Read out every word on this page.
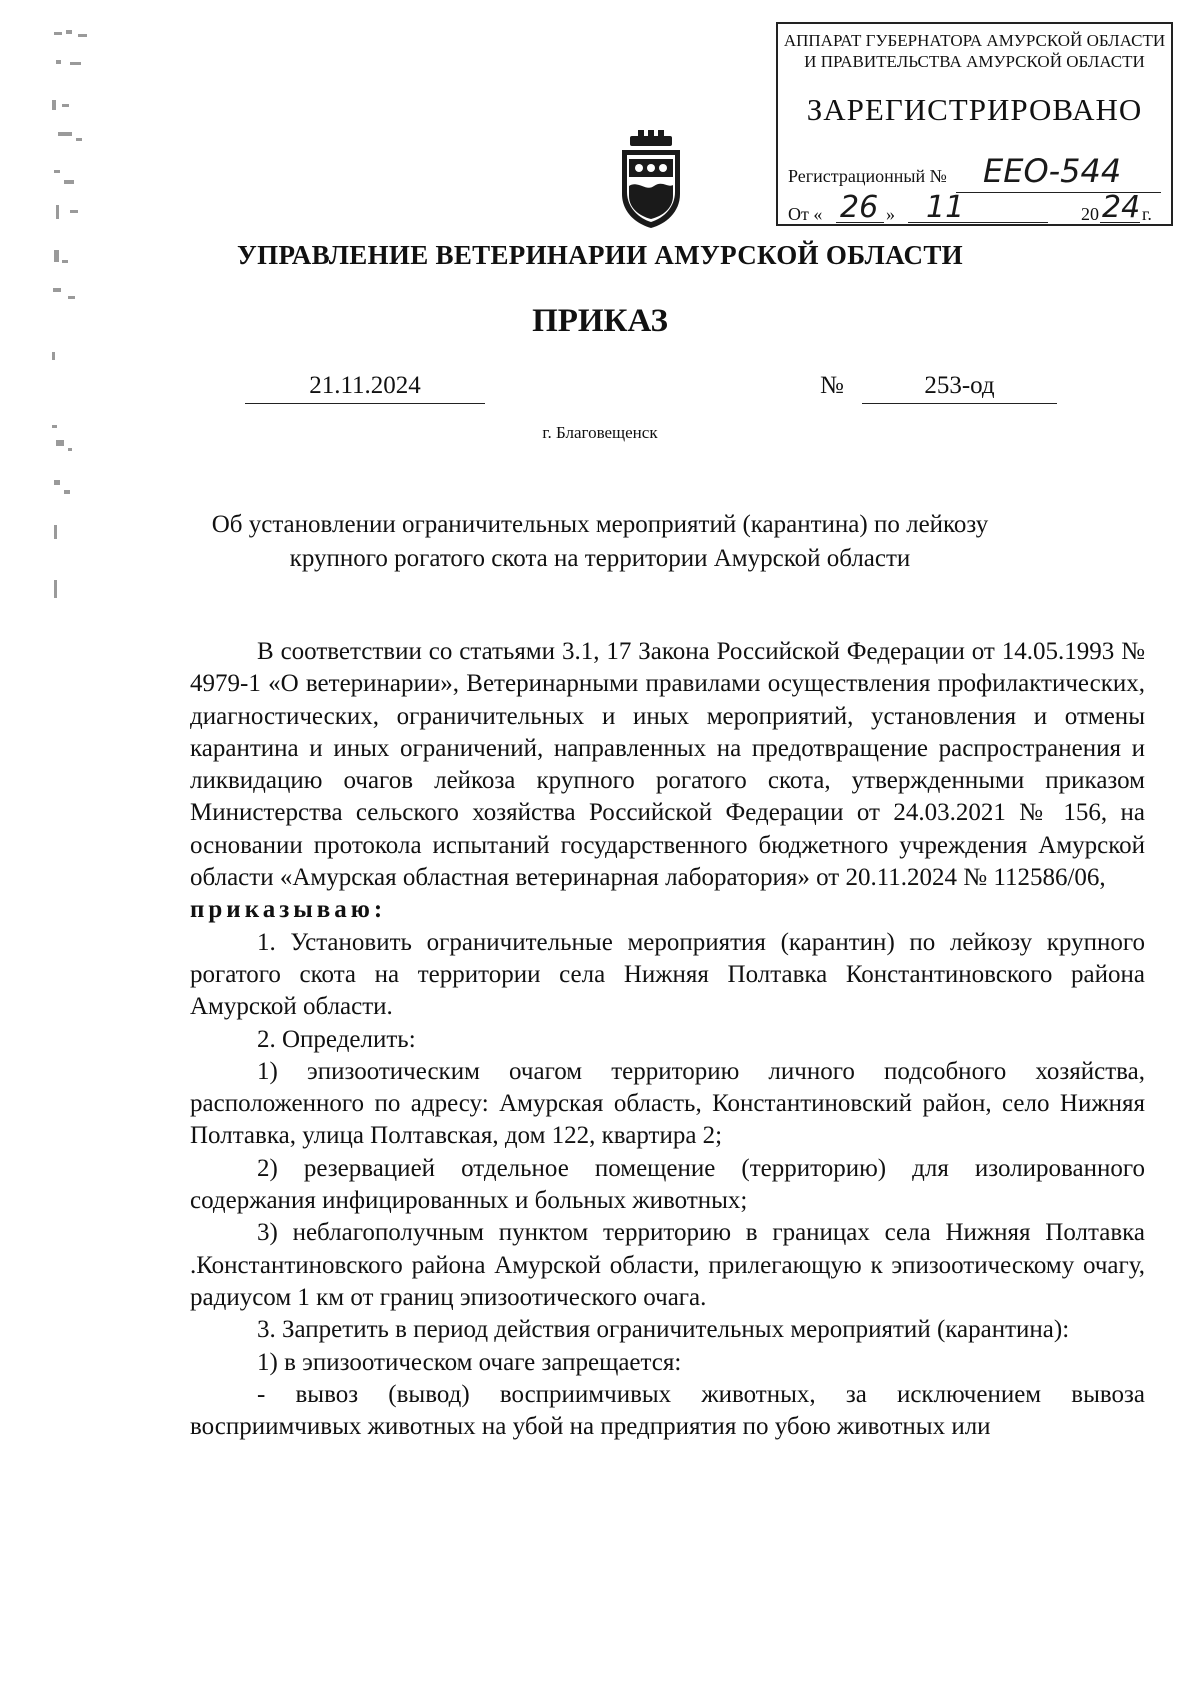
АППАРАТ ГУБЕРНАТОРА АМУРСКОЙ ОБЛАСТИ
И ПРАВИТЕЛЬСТВА АМУРСКОЙ ОБЛАСТИ
ЗАРЕГИСТРИРОВАНО
Регистрационный № ЕЕО-544
От « 26 » 11	20 24 г.
УПРАВЛЕНИЕ ВЕТЕРИНАРИИ АМУРСКОЙ ОБЛАСТИ
ПРИКАЗ
21.11.2024	№	253-од
г. Благовещенск
Об установлении ограничительных мероприятий (карантина) по лейкозу
крупного рогатого скота на территории Амурской области

В соответствии со статьями 3.1, 17 Закона Российской Федерации от 14.05.1993 № 4979-1 «О ветеринарии», Ветеринарными правилами осуществления профилактических, диагностических, ограничительных и иных мероприятий, установления и отмены карантина и иных ограничений, направленных на предотвращение распространения и ликвидацию очагов лейкоза крупного рогатого скота, утвержденными приказом Министерства сельского хозяйства Российской Федерации от 24.03.2021 № 156, на основании протокола испытаний государственного бюджетного учреждения Амурской области «Амурская областная ветеринарная лаборатория» от 20.11.2024 № 112586/06,

приказываю:

1. Установить ограничительные мероприятия (карантин) по лейкозу крупного рогатого скота на территории села Нижняя Полтавка Константиновского района Амурской области.

2. Определить:

1) эпизоотическим очагом территорию личного подсобного хозяйства, расположенного по адресу: Амурская область, Константиновский район, село Нижняя Полтавка, улица Полтавская, дом 122, квартира 2;

2) резервацией отдельное помещение (территорию) для изолированного содержания инфицированных и больных животных;

3) неблагополучным пунктом территорию в границах села Нижняя Полтавка .Константиновского района Амурской области, прилегающую к эпизоотическому очагу, радиусом 1 км от границ эпизоотического очага.

3. Запретить в период действия ограничительных мероприятий (карантина):

1) в эпизоотическом очаге запрещается:

- вывоз (вывод) восприимчивых животных, за исключением вывоза восприимчивых животных на убой на предприятия по убою животных или
